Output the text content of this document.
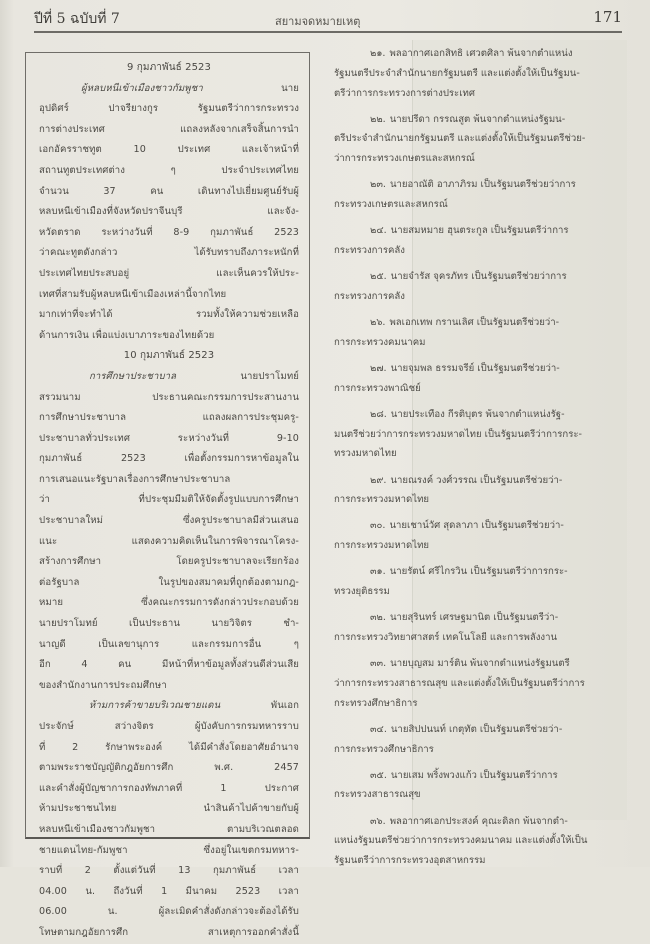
ปีที่ 5 ฉบับที่ 7	สยามจดหมายเหตุ	171
9 กุมภาพันธ์ 2523
ผู้หลบหนีเข้าเมืองชาวกัมพูชา	นาย
อุปดิศร์ ปาจรียางกูร รัฐมนตรีว่าการกระทรวง
การต่างประเทศ แถลงหลังจากเสร็จสิ้นการนำ
เอกอัครราชทูต 10 ประเทศ และเจ้าหน้าที่
สถานทูตประเทศต่าง ๆ ประจำประเทศไทย
จำนวน 37 คน เดินทางไปเยี่ยมศูนย์รับผู้
หลบหนีเข้าเมืองที่จังหวัดปราจีนบุรี และจัง-
หวัดตราด ระหว่างวันที่ 8-9 กุมภาพันธ์ 2523
ว่าคณะทูตดังกล่าว ได้รับทราบถึงภาระหนักที่
ประเทศไทยประสบอยู่ และเห็นควรให้ประ-
เทศที่สามรับผู้หลบหนีเข้าเมืองเหล่านี้จากไทย
มากเท่าที่จะทำได้ รวมทั้งให้ความช่วยเหลือ
ด้านการเงิน เพื่อแบ่งเบาภาระของไทยด้วย
10 กุมภาพันธ์ 2523
การศึกษาประชาบาล	นายปราโมทย์
สรวมนาม ประธานคณะกรรมการประสานงาน
การศึกษาประชาบาล แถลงผลการประชุมครู-
ประชาบาลทั่วประเทศ ระหว่างวันที่ 9-10
กุมภาพันธ์ 2523 เพื่อตั้งกรรมการหาข้อมูลใน
การเสนอแนะรัฐบาลเรื่องการศึกษาประชาบาล
ว่า ที่ประชุมมีมติให้จัดตั้งรูปแบบการศึกษา
ประชาบาลใหม่ ซึ่งครูประชาบาลมีส่วนเสนอ
แนะ แสดงความคิดเห็นในการพิจารณาโครง-
สร้างการศึกษา โดยครูประชาบาลจะเรียกร้อง
ต่อรัฐบาล ในรูปของสมาคมที่ถูกต้องตามกฎ-
หมาย ซึ่งคณะกรรมการดังกล่าวประกอบด้วย
นายปราโมทย์ เป็นประธาน นายวิจิตร ชำ-
นาญดี เป็นเลขานุการ และกรรมการอื่น ๆ
อีก 4 คน มีหน้าที่หาข้อมูลทั้งส่วนดีส่วนเสีย
ของสำนักงานการประถมศึกษา
ห้ามการค้าขายบริเวณชายแดน	พันเอก
ประจักษ์ สว่างจิตร ผู้บังคับการกรมทหารราบ
ที่ 2 รักษาพระองค์ ได้มีคำสั่งโดยอาศัยอำนาจ
ตามพระราชบัญญัติกฎอัยการศึก พ.ศ. 2457
และคำสั่งผู้บัญชาการกองทัพภาคที่ 1 ประกาศ
ห้ามประชาชนไทย นำสินค้าไปค้าขายกับผู้
หลบหนีเข้าเมืองชาวกัมพูชา ตามบริเวณตลอด
ชายแดนไทย-กัมพูชา ซึ่งอยู่ในเขตกรมทหาร-
ราบที่ 2 ตั้งแต่วันที่ 13 กุมภาพันธ์ เวลา
04.00 น. ถึงวันที่ 1 มีนาคม 2523 เวลา
06.00 น. ผู้ละเมิดคำสั่งดังกล่าวจะต้องได้รับ
โทษตามกฎอัยการศึก สาเหตุการออกคำสั่งนี้
๒๑. พลอากาศเอกสิทธิ เศวตศิลา พ้นจากตำแหน่ง
รัฐมนตรีประจำสำนักนายกรัฐมนตรี และแต่งตั้งให้เป็นรัฐมน-
ตรีว่าการกระทรวงการต่างประเทศ
๒๒. นายปรีดา กรรณสูต พ้นจากตำแหน่งรัฐมน-
ตรีประจำสำนักนายกรัฐมนตรี และแต่งตั้งให้เป็นรัฐมนตรีช่วย-
ว่าการกระทรวงเกษตรและสหกรณ์
๒๓. นายอาณัติ อาภาภิรม เป็นรัฐมนตรีช่วยว่าการ
กระทรวงเกษตรและสหกรณ์
๒๔. นายสมหมาย ฮุนตระกูล เป็นรัฐมนตรีว่าการ
กระทรวงการคลัง
๒๕. นายจำรัส จุครภัทร เป็นรัฐมนตรีช่วยว่าการ
กระทรวงการคลัง
๒๖. พลเอกเทพ กรานเลิศ เป็นรัฐมนตรีช่วยว่า-
การกระทรวงคมนาคม
๒๗. นายจุมพล ธรรมจรีย์ เป็นรัฐมนตรีช่วยว่า-
การกระทรวงพาณิชย์
๒๘. นายประเทือง กีรติบุตร พ้นจากตำแหน่งรัฐ-
มนตรีช่วยว่าการกระทรวงมหาดไทย เป็นรัฐมนตรีว่าการกระ-
ทรวงมหาดไทย
๒๙. นายณรงค์ วงศ์วรรณ เป็นรัฐมนตรีช่วยว่า-
การกระทรวงมหาดไทย
๓๐. นายเชาน์วัศ สุดลาภา เป็นรัฐมนตรีช่วยว่า-
การกระทรวงมหาดไทย
๓๑. นายรัตน์ ศรีไกรวิน เป็นรัฐมนตรีว่าการกระ-
ทรวงยุติธรรม
๓๒. นายสุรินทร์ เศรษฐมานิต เป็นรัฐมนตรีว่า-
การกระทรวงวิทยาศาสตร์ เทคโนโลยี และการพลังงาน
๓๓. นายบุญสม มาร์ติน พ้นจากตำแหน่งรัฐมนตรี
ว่าการกระทรวงสาธารณสุข และแต่งตั้งให้เป็นรัฐมนตรีว่าการ
กระทรวงศึกษาธิการ
๓๔. นายสิปปนนท์ เกตุทัต เป็นรัฐมนตรีช่วยว่า-
การกระทรวงศึกษาธิการ
๓๕. นายเสม พริ้งพวงแก้ว เป็นรัฐมนตรีว่าการ
กระทรวงสาธารณสุข
๓๖. พลอากาศเอกประสงค์ คุณะดิลก พ้นจากตำ-
แหน่งรัฐมนตรีช่วยว่าการกระทรวงคมนาคม และแต่งตั้งให้เป็น
รัฐมนตรีว่าการกระทรวงอุตสาหกรรม
